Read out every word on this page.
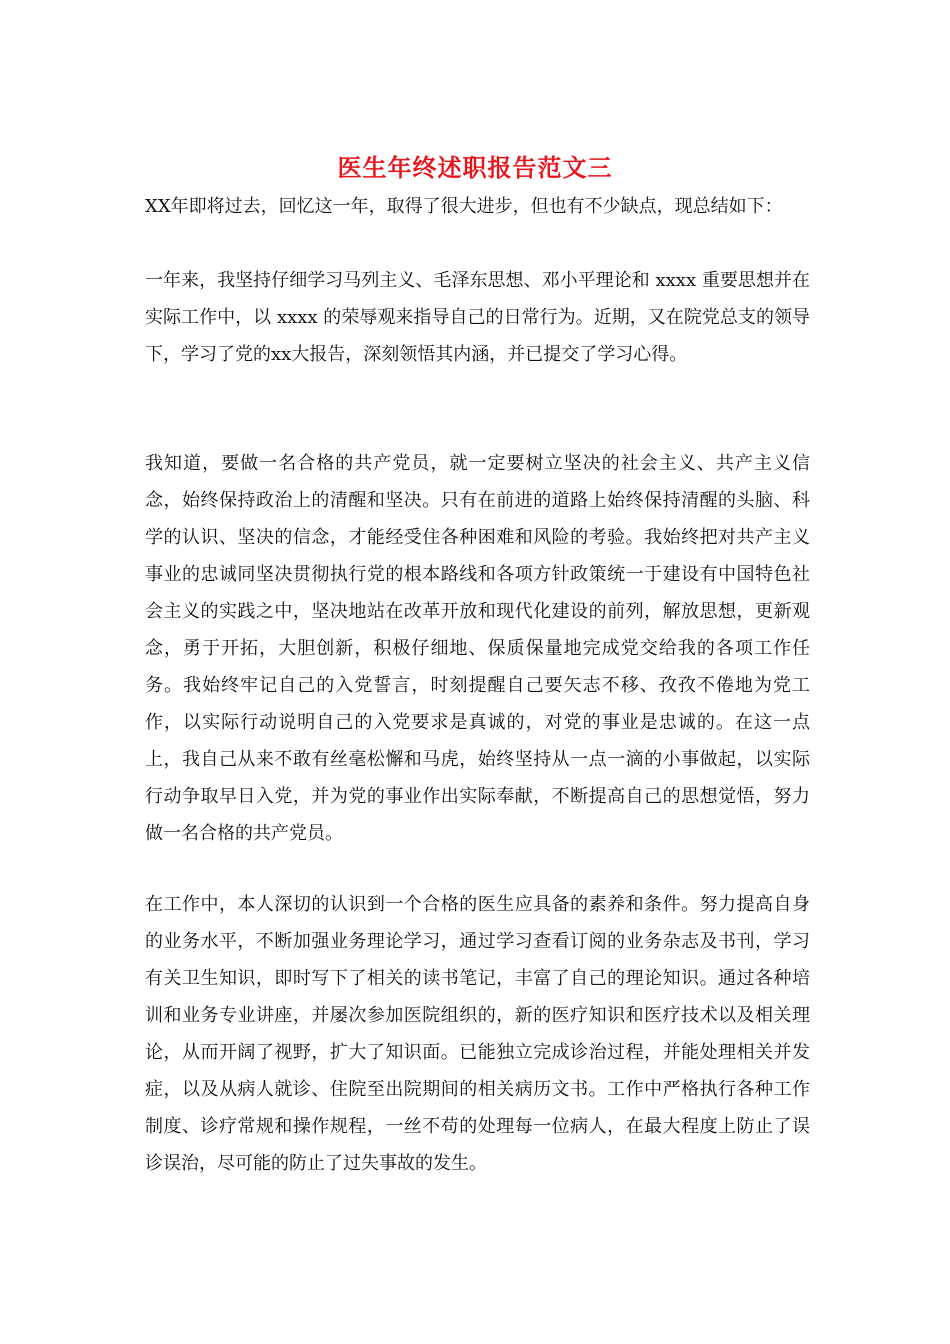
医生年终述职报告范文三

XX年即将过去，回忆这一年，取得了很大进步，但也有不少缺点，现总结如下：

一年来，我坚持仔细学习马列主义、毛泽东思想、邓小平理论和 xxxx 重要思想并在实际工作中，以 xxxx 的荣辱观来指导自己的日常行为。近期，又在院党总支的领导下，学习了党的xx大报告，深刻领悟其内涵，并已提交了学习心得。

我知道，要做一名合格的共产党员，就一定要树立坚决的社会主义、共产主义信念，始终保持政治上的清醒和坚决。只有在前进的道路上始终保持清醒的头脑、科学的认识、坚决的信念，才能经受住各种困难和风险的考验。我始终把对共产主义事业的忠诚同坚决贯彻执行党的根本路线和各项方针政策统一于建设有中国特色社会主义的实践之中，坚决地站在改革开放和现代化建设的前列，解放思想，更新观念，勇于开拓，大胆创新，积极仔细地、保质保量地完成党交给我的各项工作任务。我始终牢记自己的入党誓言，时刻提醒自己要矢志不移、孜孜不倦地为党工作，以实际行动说明自己的入党要求是真诚的，对党的事业是忠诚的。在这一点上，我自己从来不敢有丝毫松懈和马虎，始终坚持从一点一滴的小事做起，以实际行动争取早日入党，并为党的事业作出实际奉献，不断提高自己的思想觉悟，努力做一名合格的共产党员。

在工作中，本人深切的认识到一个合格的医生应具备的素养和条件。努力提高自身的业务水平，不断加强业务理论学习，通过学习查看订阅的业务杂志及书刊，学习有关卫生知识，即时写下了相关的读书笔记，丰富了自己的理论知识。通过各种培训和业务专业讲座，并屡次参加医院组织的，新的医疗知识和医疗技术以及相关理论，从而开阔了视野，扩大了知识面。已能独立完成诊治过程，并能处理相关并发症，以及从病人就诊、住院至出院期间的相关病历文书。工作中严格执行各种工作制度、诊疗常规和操作规程，一丝不苟的处理每一位病人，在最大程度上防止了误诊误治，尽可能的防止了过失事故的发生。
